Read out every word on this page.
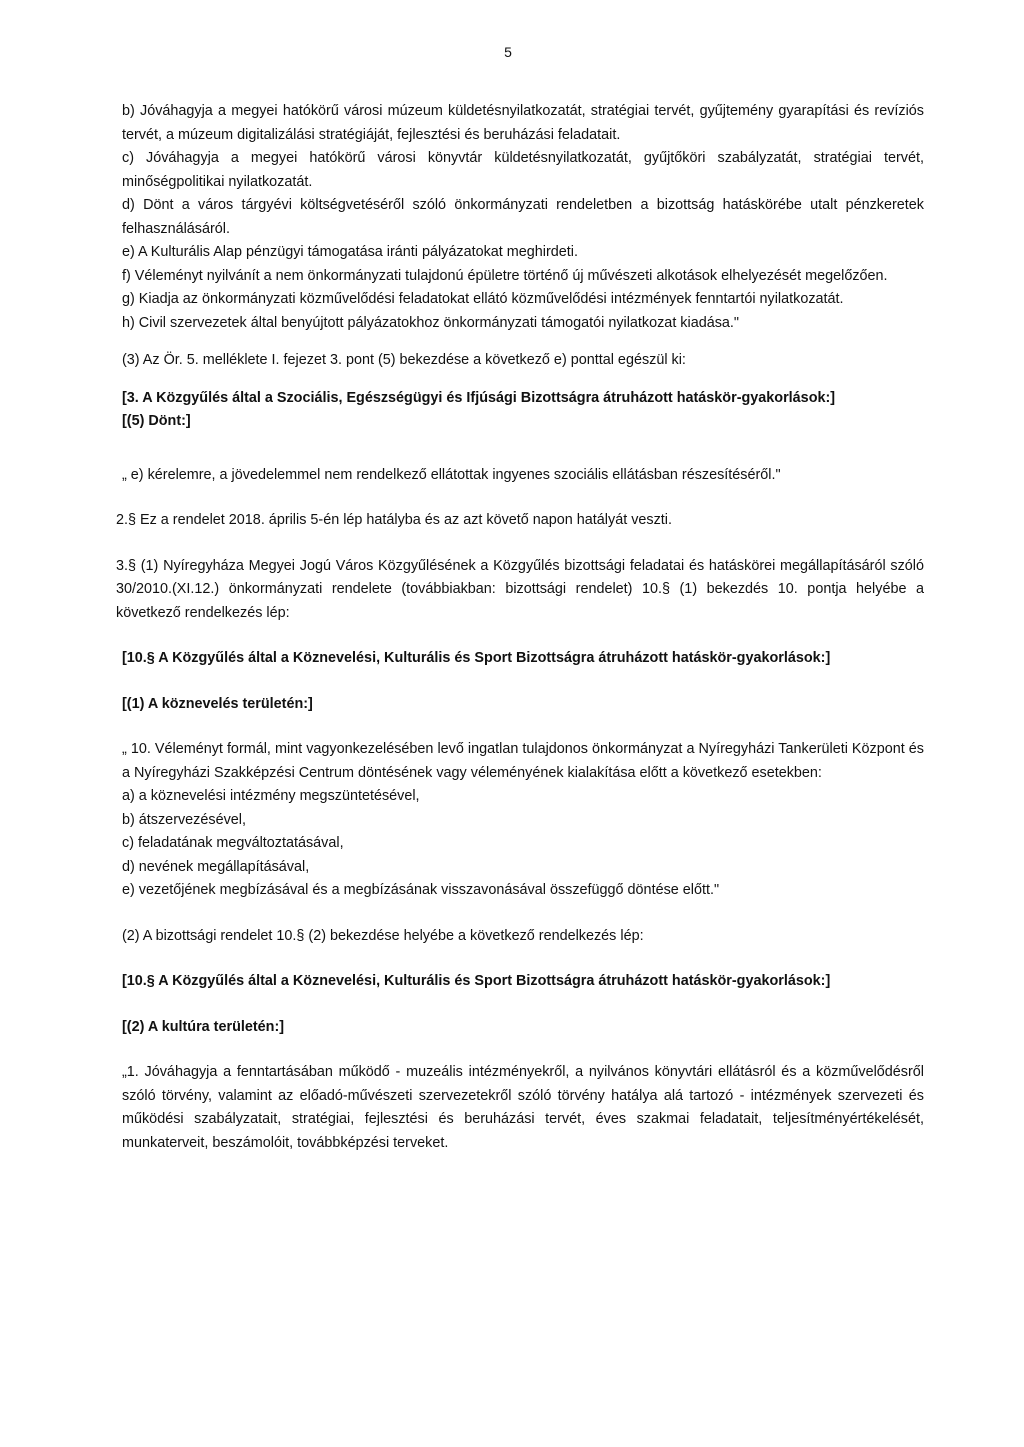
5

b) Jóváhagyja a megyei hatókörű városi múzeum küldetésnyilatkozatát, stratégiai tervét, gyűjtemény gyarapítási és revíziós tervét, a múzeum digitalizálási stratégiáját, fejlesztési és beruházási feladatait.

c) Jóváhagyja a megyei hatókörű városi könyvtár küldetésnyilatkozatát, gyűjtőköri szabályzatát, stratégiai tervét, minőségpolitikai nyilatkozatát.

d) Dönt a város tárgyévi költségvetéséről szóló önkormányzati rendeletben a bizottság hatáskörébe utalt pénzkeretek felhasználásáról.

e) A Kulturális Alap pénzügyi támogatása iránti pályázatokat meghirdeti.

f) Véleményt nyilvánít a nem önkormányzati tulajdonú épületre történő új művészeti alkotások elhelyezését megelőzően.

g) Kiadja az önkormányzati közművelődési feladatokat ellátó közművelődési intézmények fenntartói nyilatkozatát.

h) Civil szervezetek által benyújtott pályázatokhoz önkormányzati támogatói nyilatkozat kiadása."

(3) Az Ör. 5. melléklete I. fejezet 3. pont (5) bekezdése a következő e) ponttal egészül ki:

[3. A Közgyűlés által a Szociális, Egészségügyi és Ifjúsági Bizottságra átruházott hatáskör-gyakorlások:]

[(5) Dönt:]

„ e) kérelemre, a jövedelemmel nem rendelkező ellátottak ingyenes szociális ellátásban részesítéséről."

2.§ Ez a rendelet 2018. április 5-én lép hatályba és az azt követő napon hatályát veszti.

3.§ (1) Nyíregyháza Megyei Jogú Város Közgyűlésének a Közgyűlés bizottsági feladatai és hatáskörei megállapításáról szóló 30/2010.(XI.12.) önkormányzati rendelete (továbbiakban: bizottsági rendelet) 10.§ (1) bekezdés 10. pontja helyébe a következő rendelkezés lép:

[10.§ A Közgyűlés által a Köznevelési, Kulturális és Sport Bizottságra átruházott hatáskör-gyakorlások:]

[(1) A köznevelés területén:]

„ 10. Véleményt formál, mint vagyonkezelésében levő ingatlan tulajdonos önkormányzat a Nyíregyházi Tankerületi Központ és a Nyíregyházi Szakképzési Centrum döntésének vagy véleményének kialakítása előtt a következő esetekben:

a) a köznevelési intézmény megszüntetésével,

b) átszervezésével,

c) feladatának megváltoztatásával,

d) nevének megállapításával,

e) vezetőjének megbízásával és a megbízásának visszavonásával összefüggő döntése előtt."

(2) A bizottsági rendelet 10.§ (2) bekezdése helyébe a következő rendelkezés lép:

[10.§ A Közgyűlés által a Köznevelési, Kulturális és Sport Bizottságra átruházott hatáskör-gyakorlások:]

[(2) A kultúra területén:]

„1. Jóváhagyja a fenntartásában működő - muzeális intézményekről, a nyilvános könyvtári ellátásról és a közművelődésről szóló törvény, valamint az előadó-művészeti szervezetekről szóló törvény hatálya alá tartozó - intézmények szervezeti és működési szabályzatait, stratégiai, fejlesztési és beruházási tervét, éves szakmai feladatait, teljesítményértékelését, munkaterveit, beszámolóit, továbbképzési terveket.
